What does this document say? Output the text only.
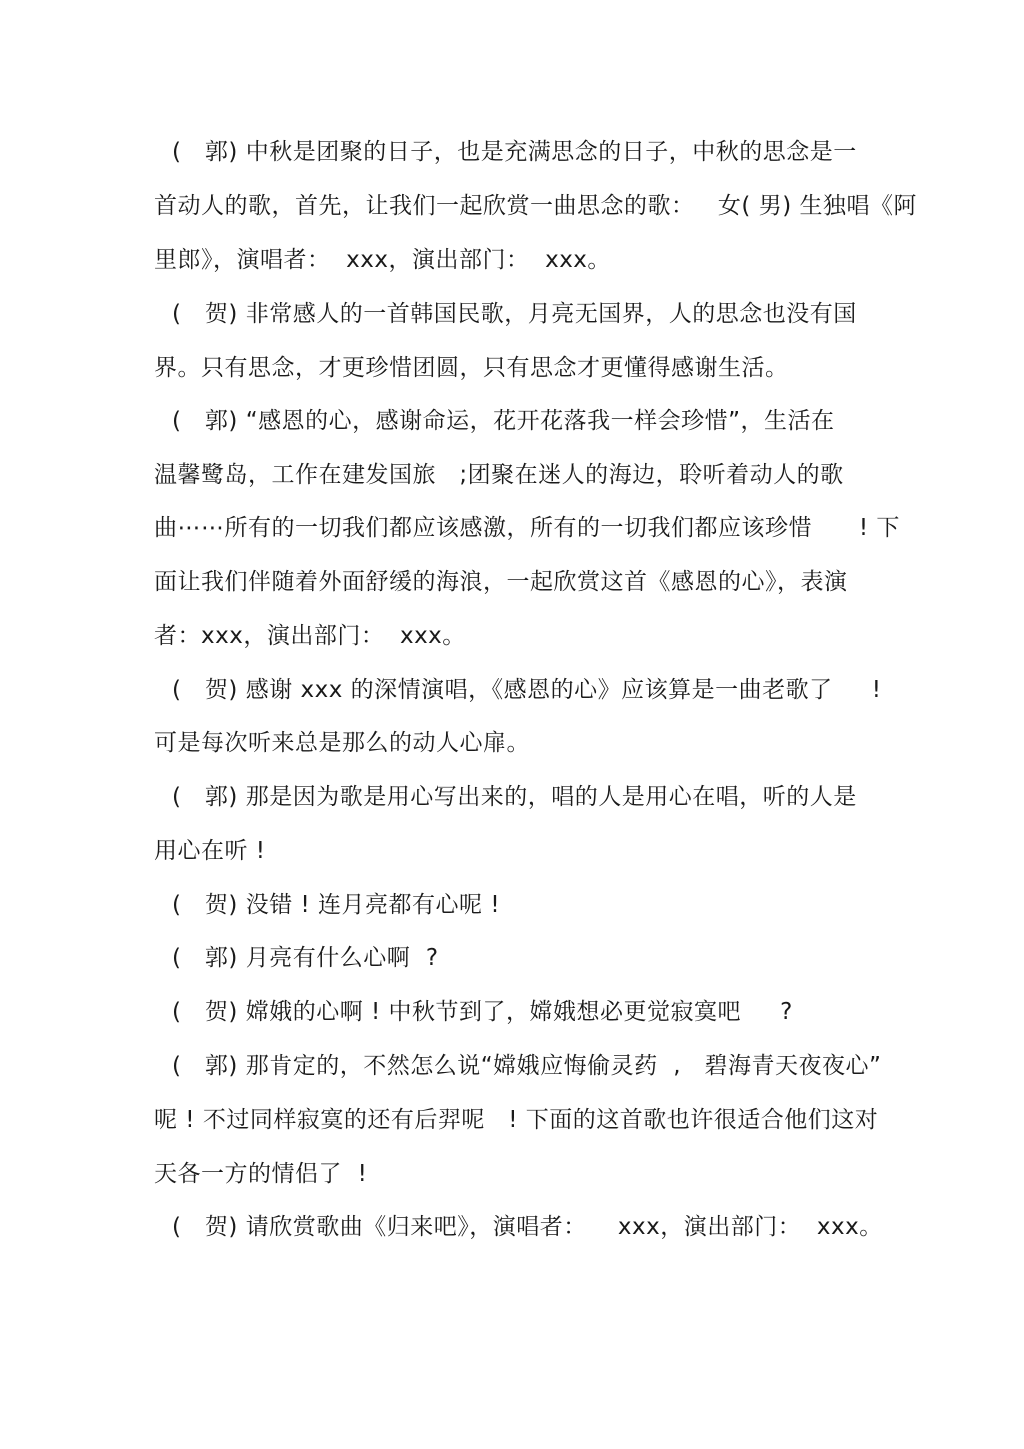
(   郭) 中秋是团聚的日子，也是充满思念的日子，中秋的思念是一
首动人的歌，首先，让我们一起欣赏一曲思念的歌：   女( 男) 生独唱《阿
里郎》，演唱者：  xxx，演出部门：  xxx。
(   贺) 非常感人的一首韩国民歌，月亮无国界，人的思念也没有国
界。只有思念，才更珍惜团圆，只有思念才更懂得感谢生活。
(   郭) “感恩的心，感谢命运，花开花落我一样会珍惜”，生活在
温馨鹭岛，工作在建发国旅   ;团聚在迷人的海边，聆听着动人的歌
曲⋯⋯所有的一切我们都应该感激，所有的一切我们都应该珍惜      ! 下
面让我们伴随着外面舒缓的海浪，一起欣赏这首《感恩的心》，表演
者：xxx，演出部门：  xxx。
(   贺) 感谢 xxx 的深情演唱，《感恩的心》应该算是一曲老歌了     !
可是每次听来总是那么的动人心扉。
(   郭) 那是因为歌是用心写出来的，唱的人是用心在唱，听的人是
用心在听 !
(   贺) 没错 ! 连月亮都有心呢 !
(   郭) 月亮有什么心啊  ?
(   贺) 嫦娥的心啊 ! 中秋节到了，嫦娥想必更觉寂寞吧     ?
(   郭) 那肯定的，不然怎么说“嫦娥应悔偷灵药  ,   碧海青天夜夜心”
呢 ! 不过同样寂寞的还有后羿呢   ! 下面的这首歌也许很适合他们这对
天各一方的情侣了  !
(   贺) 请欣赏歌曲《归来吧》，演唱者：    xxx，演出部门：  xxx。
